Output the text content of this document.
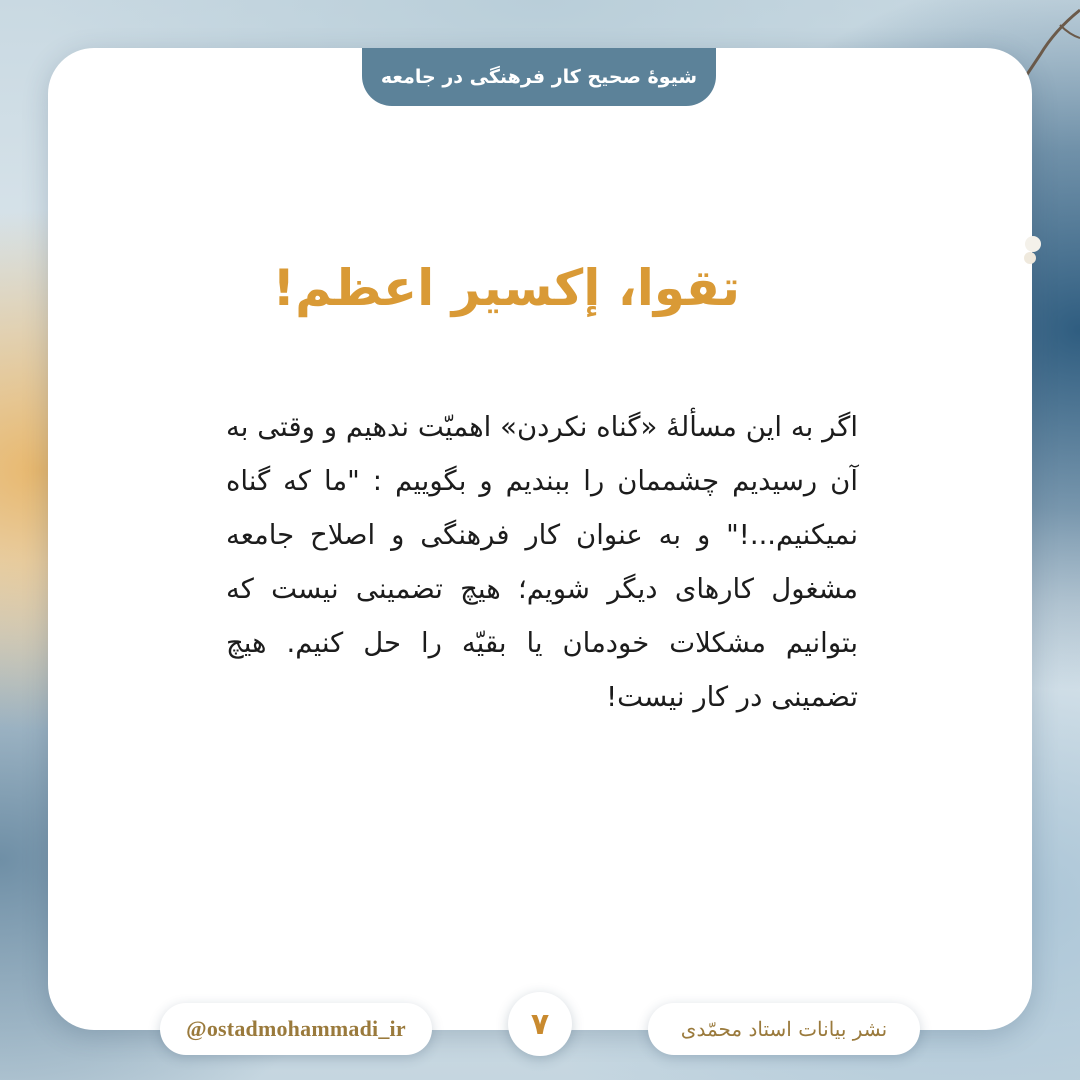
شیوۀ صحیح کار فرهنگی در جامعه
تقوا، إکسیر اعظم!
اگر به این مسألۀ «گناه نکردن» اهمیّت ندهیم و وقتی به آن رسیدیم چشممان را ببندیم و بگوییم : "ما که گناه نمیکنیم...!" و به عنوان کار فرهنگی و اصلاح جامعه مشغول کارهای دیگر شویم؛ هیچ تضمینی نیست که بتوانیم مشکلات خودمان یا بقیّه را حل کنیم. هیچ تضمینی در کار نیست!
@ostadmohammadi_ir	۷	نشر بیانات استاد محمّدی
